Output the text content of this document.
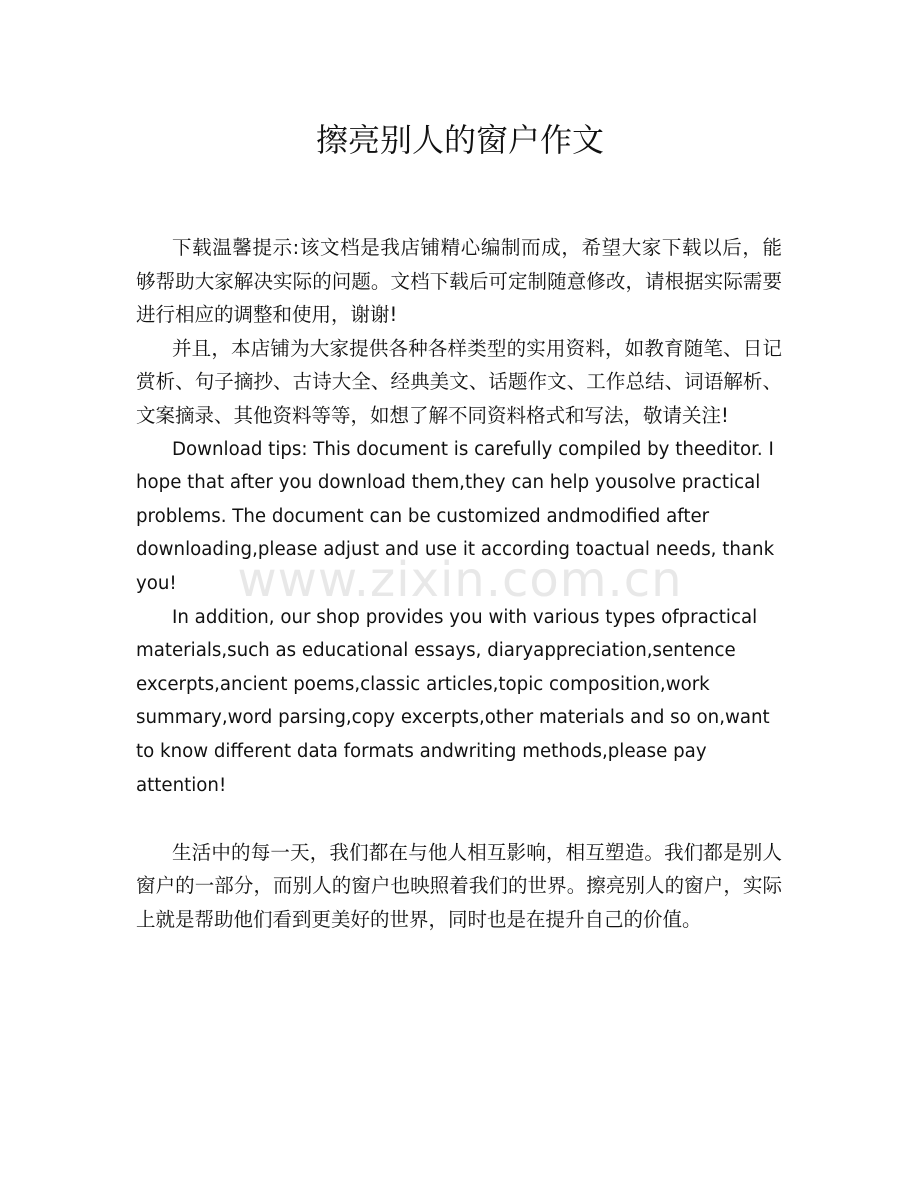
www.zixin.com.cn
擦亮别人的窗户作文

下载温馨提示:该文档是我店铺精心编制而成，希望大家下载以后，能够帮助大家解决实际的问题。文档下载后可定制随意修改，请根据实际需要进行相应的调整和使用，谢谢!

并且，本店铺为大家提供各种各样类型的实用资料，如教育随笔、日记赏析、句子摘抄、古诗大全、经典美文、话题作文、工作总结、词语解析、文案摘录、其他资料等等，如想了解不同资料格式和写法，敬请关注!

Download tips: This document is carefully compiled by theeditor. I hope that after you download them,they can help yousolve practical problems. The document can be customized andmodified after downloading,please adjust and use it according toactual needs, thank you!

In addition, our shop provides you with various types ofpractical materials,such as educational essays, diaryappreciation,sentence excerpts,ancient poems,classic articles,topic composition,work summary,word parsing,copy excerpts,other materials and so on,want to know different data formats andwriting methods,please pay attention!

生活中的每一天，我们都在与他人相互影响，相互塑造。我们都是别人窗户的一部分，而别人的窗户也映照着我们的世界。擦亮别人的窗户，实际上就是帮助他们看到更美好的世界，同时也是在提升自己的价值。
